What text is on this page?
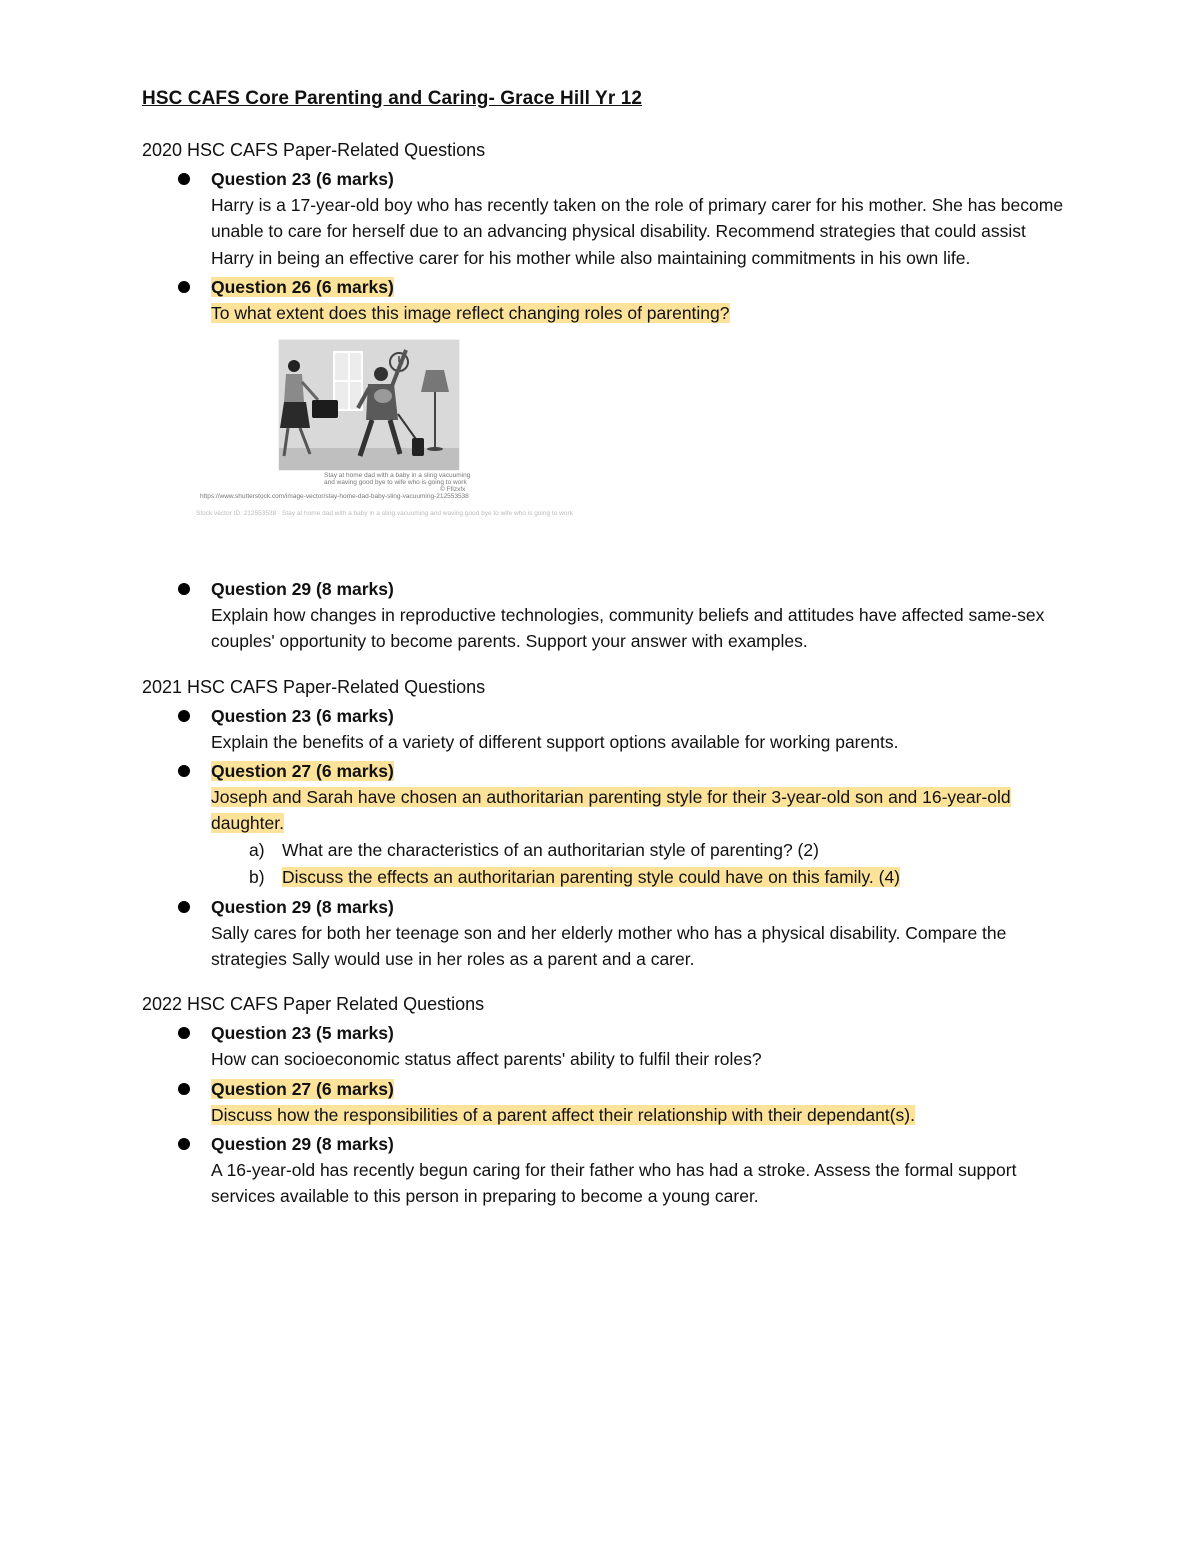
HSC CAFS Core Parenting and Caring- Grace Hill Yr 12
2020 HSC CAFS Paper-Related Questions
Question 23 (6 marks)
Harry is a 17-year-old boy who has recently taken on the role of primary carer for his mother. She has become unable to care for herself due to an advancing physical disability. Recommend strategies that could assist Harry in being an effective carer for his mother while also maintaining commitments in his own life.
Question 26 (6 marks)
To what extent does this image reflect changing roles of parenting?
Stay at home dad with a baby in a sling vacuuming
and waving good bye to wife who is going to work
© Ffizxfx
https://www.shutterstock.com/image-vector/stay-home-dad-baby-sling-vacuuming-212553538
Stock vector ID: 212553538 · Stay at home dad with a baby in a sling vacuuming and waving good bye to wife who is going to work
Question 29 (8 marks)
Explain how changes in reproductive technologies, community beliefs and attitudes have affected same-sex couples' opportunity to become parents. Support your answer with examples.
2021 HSC CAFS Paper-Related Questions
Question 23 (6 marks)
Explain the benefits of a variety of different support options available for working parents.
Question 27 (6 marks)
Joseph and Sarah have chosen an authoritarian parenting style for their 3-year-old son and 16-year-old daughter.
a) What are the characteristics of an authoritarian style of parenting? (2)
b) Discuss the effects an authoritarian parenting style could have on this family. (4)
Question 29 (8 marks)
Sally cares for both her teenage son and her elderly mother who has a physical disability. Compare the strategies Sally would use in her roles as a parent and a carer.
2022 HSC CAFS Paper Related Questions
Question 23 (5 marks)
How can socioeconomic status affect parents' ability to fulfil their roles?
Question 27 (6 marks)
Discuss how the responsibilities of a parent affect their relationship with their dependant(s).
Question 29 (8 marks)
A 16-year-old has recently begun caring for their father who has had a stroke. Assess the formal support services available to this person in preparing to become a young carer.
